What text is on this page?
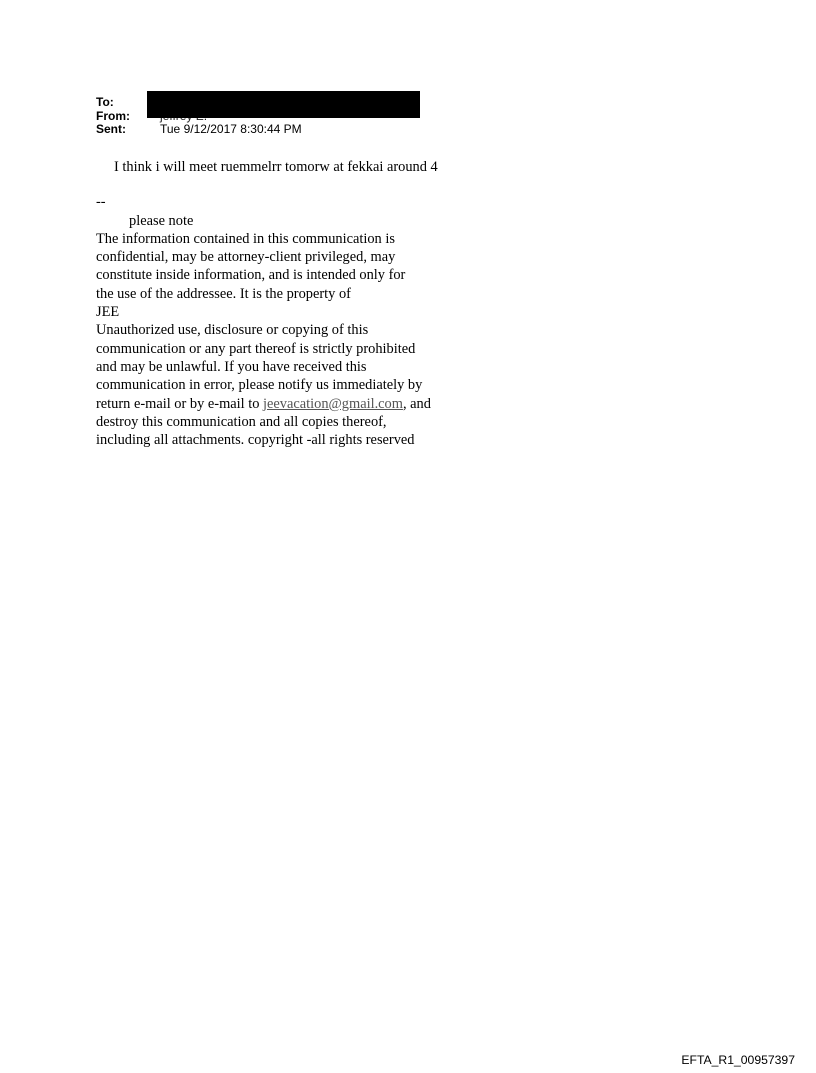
To:
From:
Sent:	Tue 9/12/2017 8:30:44 PM

I think i will meet ruemmelrr tomorw at fekkai around 4

--

please note

The information contained in this communication is

confidential, may be attorney-client privileged, may

constitute inside information, and is intended only for

the use of the addressee. It is the property of

JEE

Unauthorized use, disclosure or copying of this

communication or any part thereof is strictly prohibited

and may be unlawful. If you have received this

communication in error, please notify us immediately by

return e-mail or by e-mail to jeevacation@gmail.com, and

destroy this communication and all copies thereof,

including all attachments. copyright -all rights reserved

EFTA_R1_00957397
